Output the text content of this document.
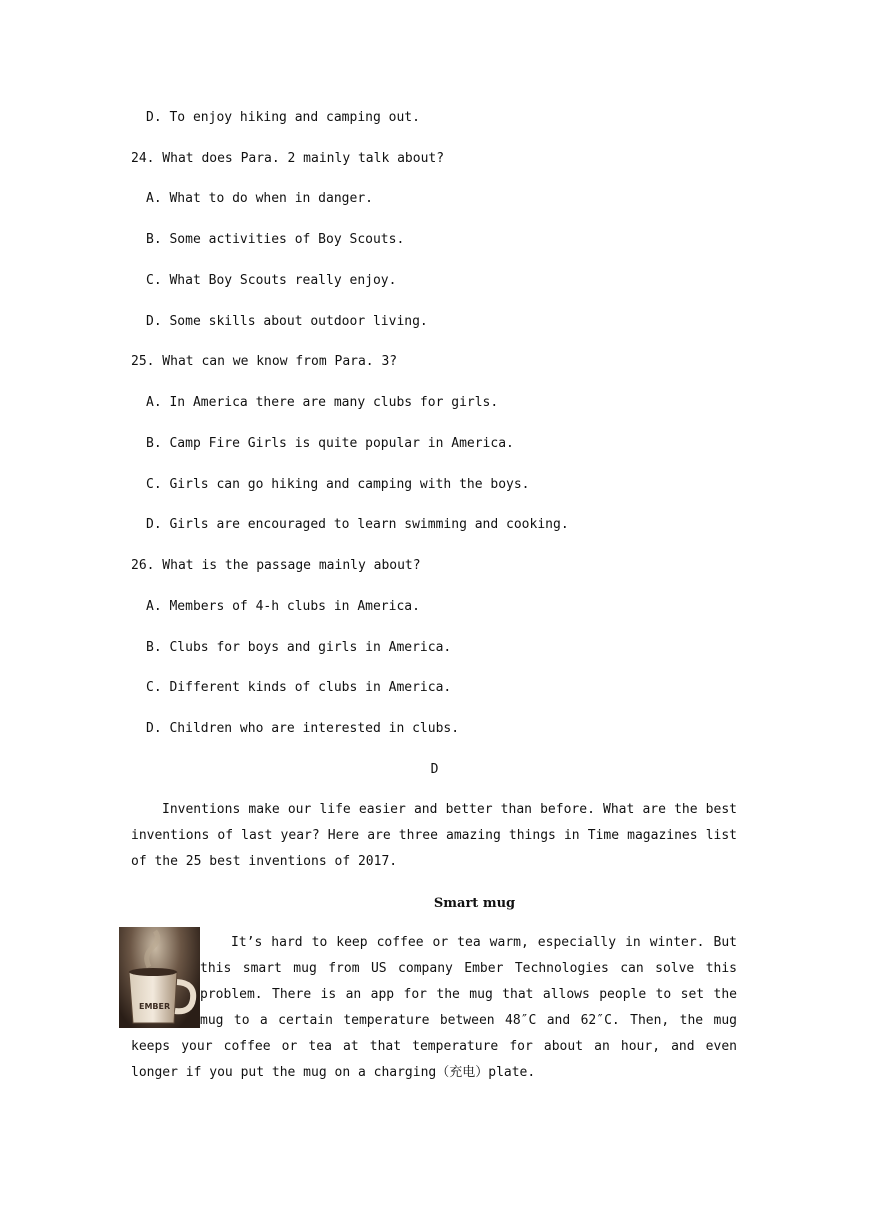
D. To enjoy hiking and camping out.
24. What does Para. 2 mainly talk about?
A. What to do when in danger.
B. Some activities of Boy Scouts.
C. What Boy Scouts really enjoy.
D. Some skills about outdoor living.
25. What can we know from Para. 3?
A. In America there are many clubs for girls.
B. Camp Fire Girls is quite popular in America.
C. Girls can go hiking and camping with the boys.
D. Girls are encouraged to learn swimming and cooking.
26. What is the passage mainly about?
A. Members of 4-h clubs in America.
B. Clubs for boys and girls in America.
C. Different kinds of clubs in America.
D. Children who are interested in clubs.
D
Inventions make our life easier and better than before. What are the best inventions of last year? Here are three amazing things in Time magazines list of the 25 best inventions of 2017.
Smart mug
EMBER
It’s hard to keep coffee or tea warm, especially in winter. But this smart mug from US company Ember Technologies can solve this problem. There is an app for the mug that allows people to set the mug to a certain temperature between 48″C and 62″C. Then, the mug keeps your coffee or tea at that temperature for about an hour, and even longer if you put the mug on a charging（充电）plate.
